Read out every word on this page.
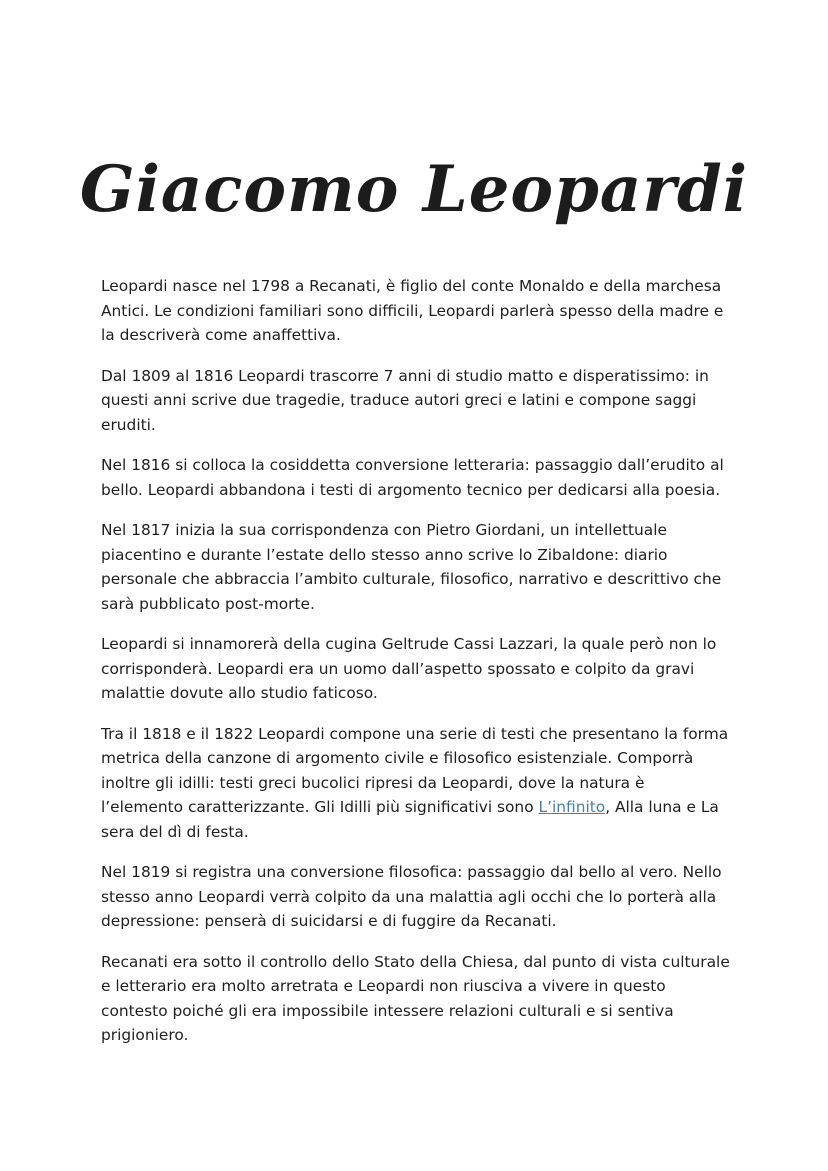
Giacomo Leopardi

Leopardi nasce nel 1798 a Recanati, è figlio del conte Monaldo e della marchesa Antici. Le condizioni familiari sono difficili, Leopardi parlerà spesso della madre e la descriverà come anaffettiva.

Dal 1809 al 1816 Leopardi trascorre 7 anni di studio matto e disperatissimo: in questi anni scrive due tragedie, traduce autori greci e latini e compone saggi eruditi.

Nel 1816 si colloca la cosiddetta conversione letteraria: passaggio dall’erudito al bello. Leopardi abbandona i testi di argomento tecnico per dedicarsi alla poesia.

Nel 1817 inizia la sua corrispondenza con Pietro Giordani, un intellettuale piacentino e durante l’estate dello stesso anno scrive lo Zibaldone: diario personale che abbraccia l’ambito culturale, filosofico, narrativo e descrittivo che sarà pubblicato post-morte.

Leopardi si innamorerà della cugina Geltrude Cassi Lazzari, la quale però non lo corrisponderà. Leopardi era un uomo dall’aspetto spossato e colpito da gravi malattie dovute allo studio faticoso.

Tra il 1818 e il 1822 Leopardi compone una serie di testi che presentano la forma metrica della canzone di argomento civile e filosofico esistenziale. Comporrà inoltre gli idilli: testi greci bucolici ripresi da Leopardi, dove la natura è l’elemento caratterizzante. Gli Idilli più significativi sono L’infinito, Alla luna e La sera del dì di festa.

Nel 1819 si registra una conversione filosofica: passaggio dal bello al vero. Nello stesso anno Leopardi verrà colpito da una malattia agli occhi che lo porterà alla depressione: penserà di suicidarsi e di fuggire da Recanati.

Recanati era sotto il controllo dello Stato della Chiesa, dal punto di vista culturale e letterario era molto arretrata e Leopardi non riusciva a vivere in questo contesto poiché gli era impossibile intessere relazioni culturali e si sentiva prigioniero.
